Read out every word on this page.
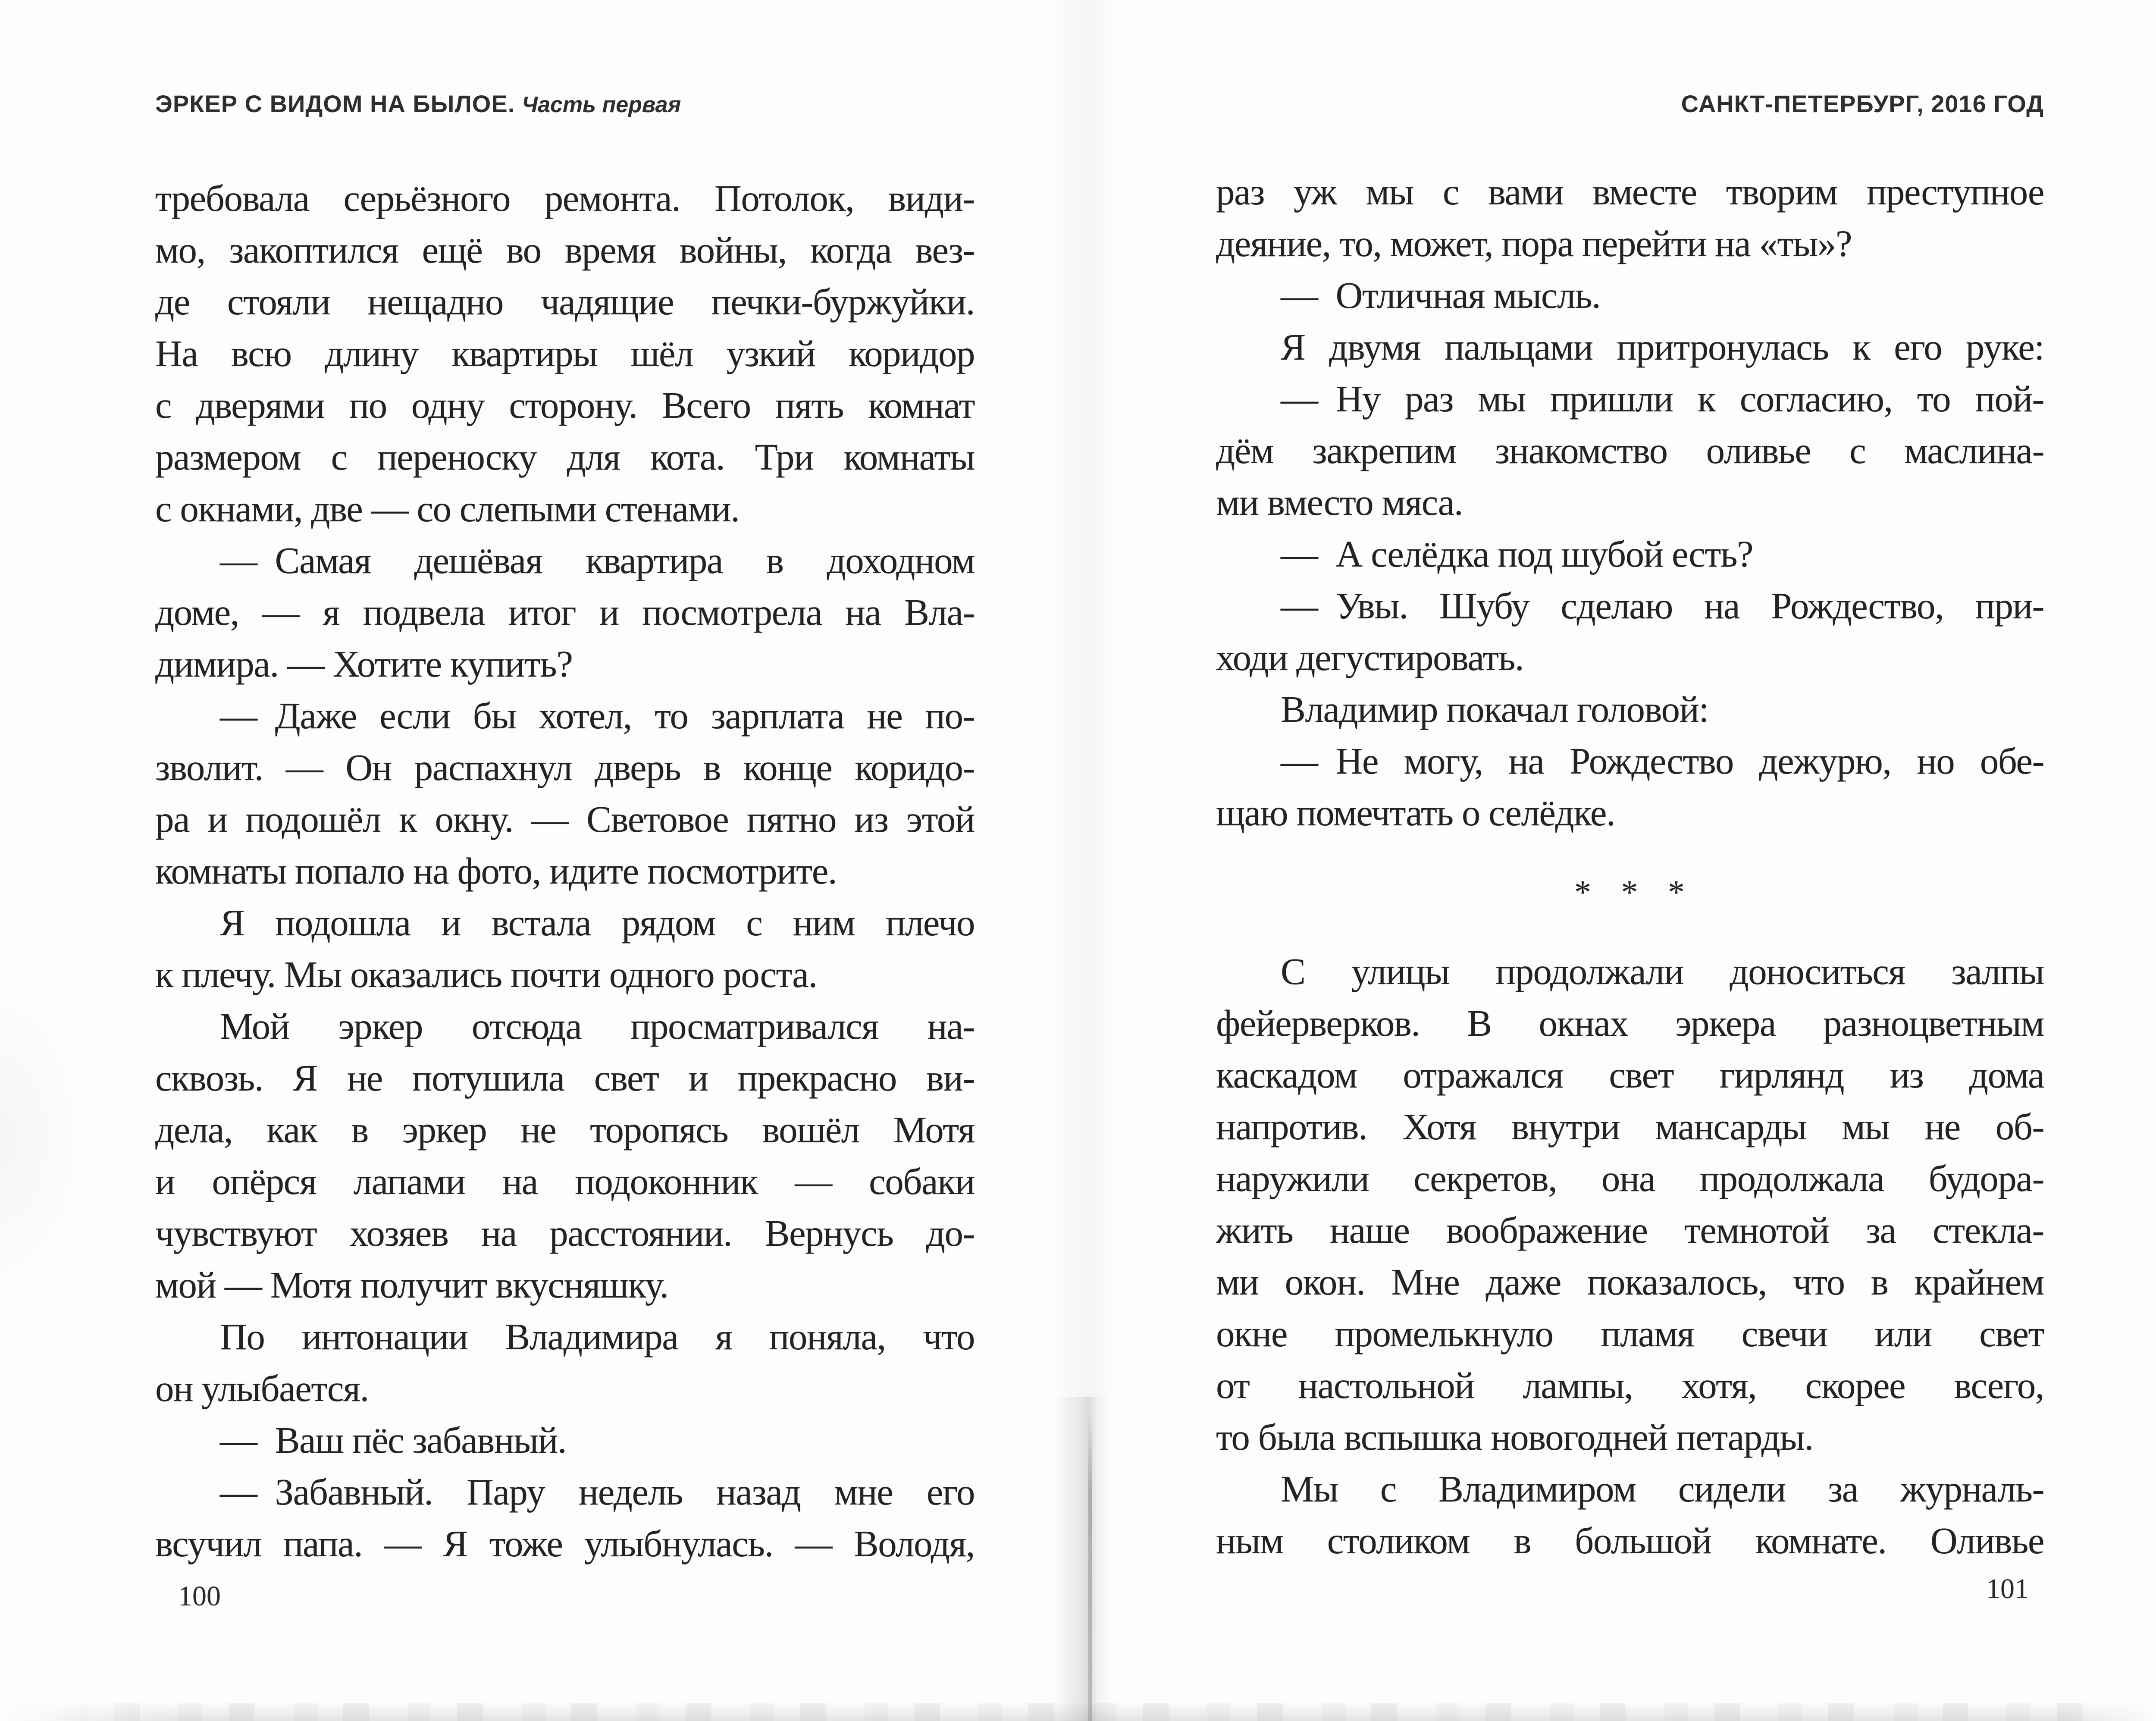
ЭРКЕР С ВИДОМ НА БЫЛОЕ. Часть первая
требовала серьёзного ремонта. Потолок, види-
мо, закоптился ещё во время войны, когда вез-
де стояли нещадно чадящие печки-буржуйки.
На всю длину квартиры шёл узкий коридор
с дверями по одну сторону. Всего пять комнат
размером с переноску для кота. Три комнаты
с окнами, две — со слепыми стенами.
— Самая дешёвая квартира в доходном
доме, — я подвела итог и посмотрела на Вла-
димира. — Хотите купить?
— Даже если бы хотел, то зарплата не по-
зволит. — Он распахнул дверь в конце коридо-
ра и подошёл к окну. — Световое пятно из этой
комнаты попало на фото, идите посмотрите.
Я подошла и встала рядом с ним плечо
к плечу. Мы оказались почти одного роста.
Мой эркер отсюда просматривался на-
сквозь. Я не потушила свет и прекрасно ви-
дела, как в эркер не торопясь вошёл Мотя
и опёрся лапами на подоконник — собаки
чувствуют хозяев на расстоянии. Вернусь до-
мой — Мотя получит вкусняшку.
По интонации Владимира я поняла, что
он улыбается.
— Ваш пёс забавный.
— Забавный. Пару недель назад мне его
всучил папа. — Я тоже улыбнулась. — Володя,
100
САНКТ-ПЕТЕРБУРГ, 2016 ГОД
раз уж мы с вами вместе творим преступное
деяние, то, может, пора перейти на «ты»?
— Отличная мысль.
Я двумя пальцами притронулась к его руке:
— Ну раз мы пришли к согласию, то пой-
дём закрепим знакомство оливье с маслина-
ми вместо мяса.
— А селёдка под шубой есть?
— Увы. Шубу сделаю на Рождество, при-
ходи дегустировать.
Владимир покачал головой:
— Не могу, на Рождество дежурю, но обе-
щаю помечтать о селёдке.
* * *
С улицы продолжали доноситься залпы
фейерверков. В окнах эркера разноцветным
каскадом отражался свет гирлянд из дома
напротив. Хотя внутри мансарды мы не об-
наружили секретов, она продолжала будора-
жить наше воображение темнотой за стекла-
ми окон. Мне даже показалось, что в крайнем
окне промелькнуло пламя свечи или свет
от настольной лампы, хотя, скорее всего,
то была вспышка новогодней петарды.
Мы с Владимиром сидели за журналь-
ным столиком в большой комнате. Оливье
101
